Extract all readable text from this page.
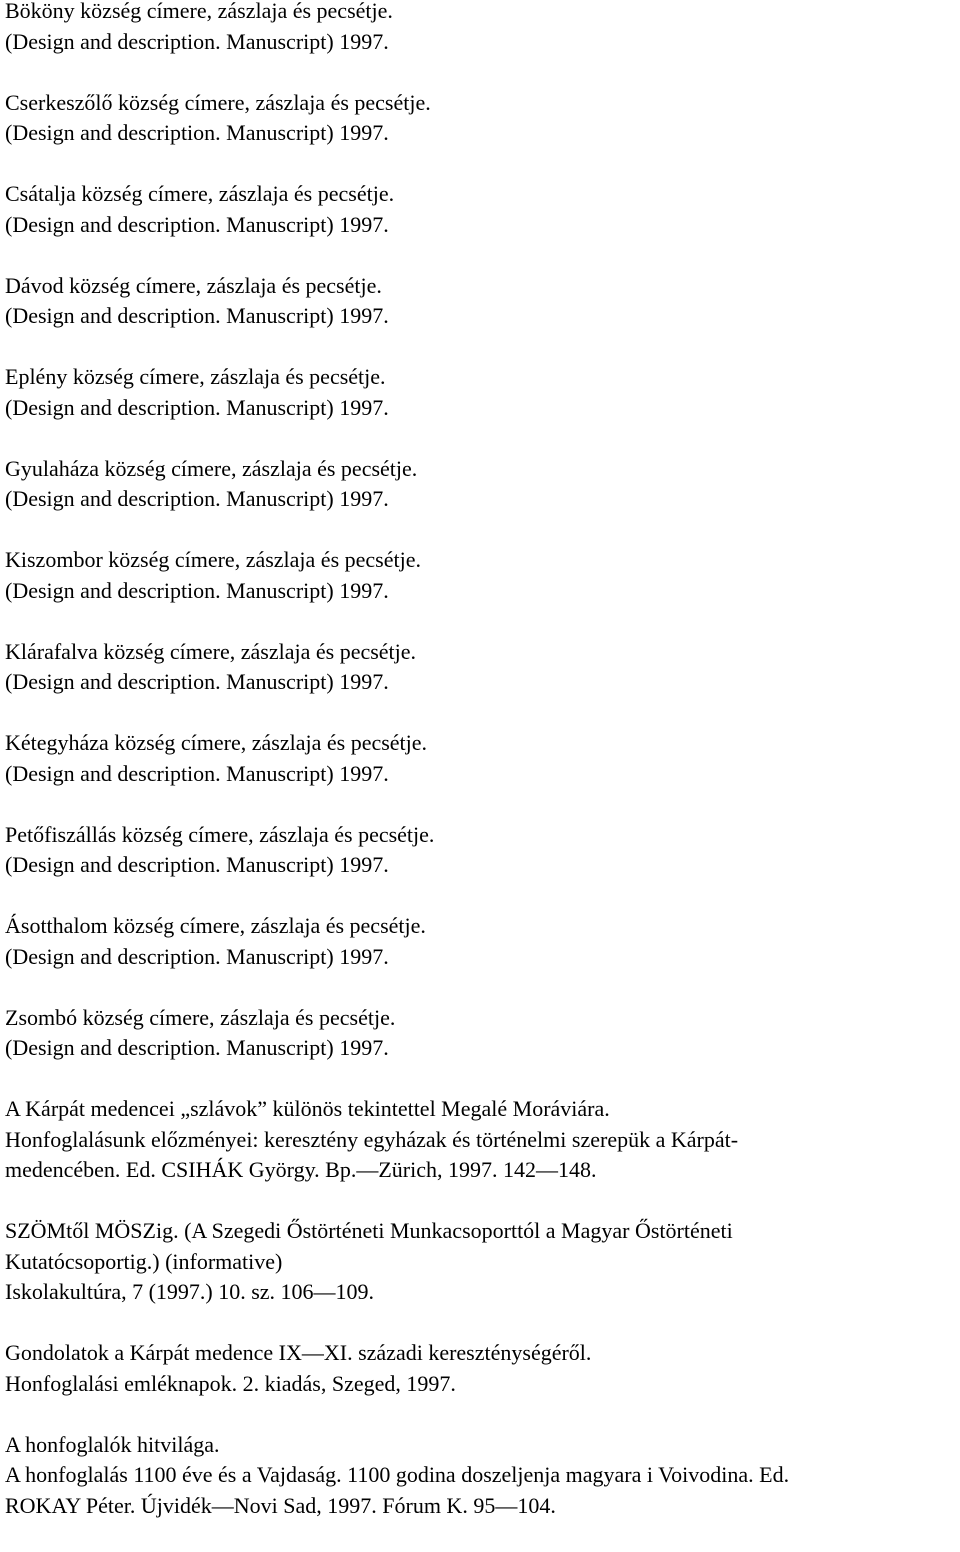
Bököny község címere, zászlaja és pecsétje.
(Design and description. Manuscript) 1997.
Cserkeszőlő község címere, zászlaja és pecsétje.
(Design and description. Manuscript) 1997.
Csátalja község címere, zászlaja és pecsétje.
(Design and description. Manuscript) 1997.
Dávod község címere, zászlaja és pecsétje.
(Design and description. Manuscript) 1997.
Eplény község címere, zászlaja és pecsétje.
(Design and description. Manuscript) 1997.
Gyulaháza község címere, zászlaja és pecsétje.
(Design and description. Manuscript) 1997.
Kiszombor község címere, zászlaja és pecsétje.
(Design and description. Manuscript) 1997.
Klárafalva község címere, zászlaja és pecsétje.
(Design and description. Manuscript) 1997.
Kétegyháza község címere, zászlaja és pecsétje.
(Design and description. Manuscript) 1997.
Petőfiszállás község címere, zászlaja és pecsétje.
(Design and description. Manuscript) 1997.
Ásotthalom község címere, zászlaja és pecsétje.
(Design and description. Manuscript) 1997.
Zsombó község címere, zászlaja és pecsétje.
(Design and description. Manuscript) 1997.
A Kárpát medencei „szlávok” különös tekintettel Megalé Moráviára.
Honfoglalásunk előzményei: keresztény egyházak és történelmi szerepük a Kárpát-
medencében. Ed. CSIHÁK György. Bp.—Zürich, 1997. 142—148.
SZÖMtől MÖSZig. (A Szegedi Őstörténeti Munkacsoporttól a Magyar Őstörténeti
Kutatócsoportig.) (informative)
Iskolakultúra, 7 (1997.) 10. sz. 106—109.
Gondolatok a Kárpát medence IX—XI. századi kereszténységéről.
Honfoglalási emléknapok. 2. kiadás, Szeged, 1997.
A honfoglalók hitvilága.
A honfoglalás 1100 éve és a Vajdaság. 1100 godina doszeljenja magyara i Voivodina. Ed.
ROKAY Péter. Újvidék—Novi Sad, 1997. Fórum K. 95—104.
